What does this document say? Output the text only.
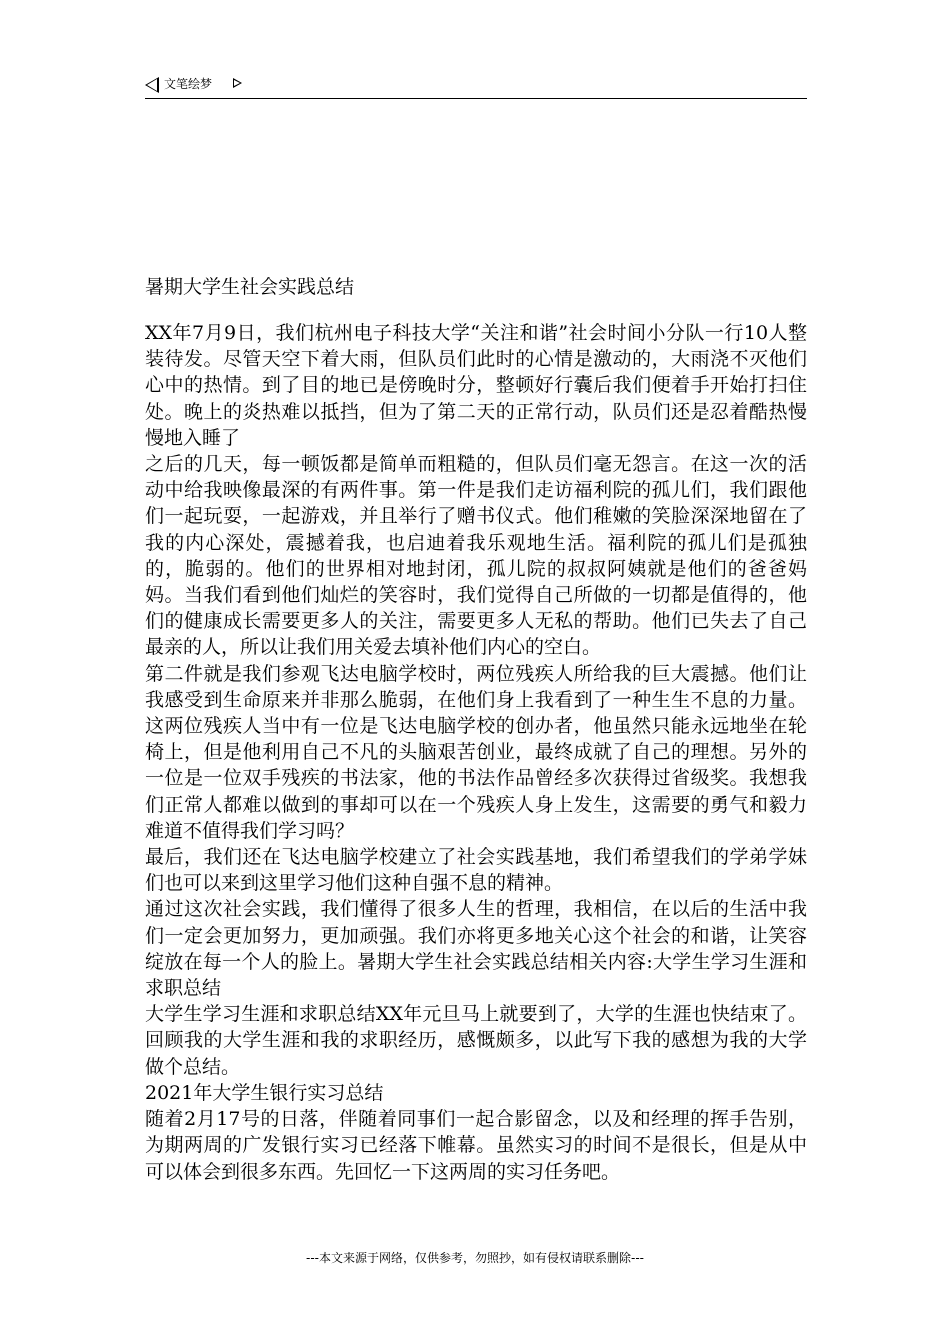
文笔绘梦
暑期大学生社会实践总结

XX年7月9日，我们杭州电子科技大学“关注和谐”社会时间小分队一行10人整装待发。尽管天空下着大雨，但队员们此时的心情是激动的，大雨浇不灭他们心中的热情。到了目的地已是傍晚时分，整顿好行囊后我们便着手开始打扫住处。晚上的炎热难以抵挡，但为了第二天的正常行动，队员们还是忍着酷热慢慢地入睡了

之后的几天，每一顿饭都是简单而粗糙的，但队员们毫无怨言。在这一次的活动中给我映像最深的有两件事。第一件是我们走访福利院的孤儿们，我们跟他们一起玩耍，一起游戏，并且举行了赠书仪式。他们稚嫩的笑脸深深地留在了我的内心深处，震撼着我，也启迪着我乐观地生活。福利院的孤儿们是孤独的，脆弱的。他们的世界相对地封闭，孤儿院的叔叔阿姨就是他们的爸爸妈妈。当我们看到他们灿烂的笑容时，我们觉得自己所做的一切都是值得的，他们的健康成长需要更多人的关注，需要更多人无私的帮助。他们已失去了自己最亲的人，所以让我们用关爱去填补他们内心的空白。

第二件就是我们参观飞达电脑学校时，两位残疾人所给我的巨大震撼。他们让我感受到生命原来并非那么脆弱，在他们身上我看到了一种生生不息的力量。这两位残疾人当中有一位是飞达电脑学校的创办者，他虽然只能永远地坐在轮椅上，但是他利用自己不凡的头脑艰苦创业，最终成就了自己的理想。另外的一位是一位双手残疾的书法家，他的书法作品曾经多次获得过省级奖。我想我们正常人都难以做到的事却可以在一个残疾人身上发生，这需要的勇气和毅力难道不值得我们学习吗？

最后，我们还在飞达电脑学校建立了社会实践基地，我们希望我们的学弟学妹们也可以来到这里学习他们这种自强不息的精神。

通过这次社会实践，我们懂得了很多人生的哲理，我相信，在以后的生活中我们一定会更加努力，更加顽强。我们亦将更多地关心这个社会的和谐，让笑容绽放在每一个人的脸上。暑期大学生社会实践总结相关内容:大学生学习生涯和求职总结

大学生学习生涯和求职总结XX年元旦马上就要到了，大学的生涯也快结束了。回顾我的大学生涯和我的求职经历，感慨颇多，以此写下我的感想为我的大学做个总结。

2021年大学生银行实习总结

随着2月17号的日落，伴随着同事们一起合影留念，以及和经理的挥手告别，为期两周的广发银行实习已经落下帷幕。虽然实习的时间不是很长，但是从中可以体会到很多东西。先回忆一下这两周的实习任务吧。

---本文来源于网络，仅供参考，勿照抄，如有侵权请联系删除---
